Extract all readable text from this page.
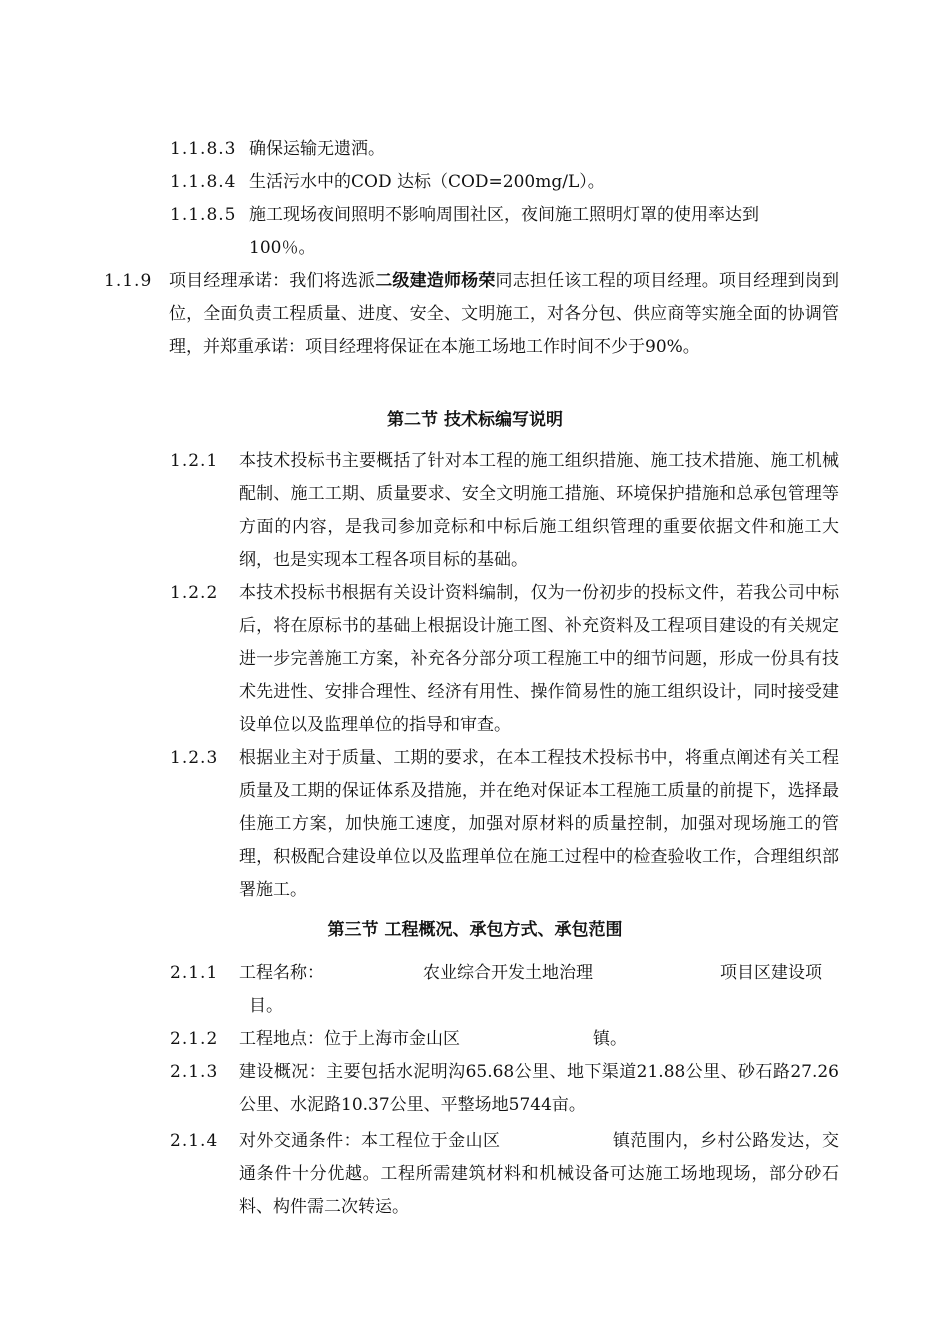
1.1.8.3 确保运输无遗洒。
1.1.8.4 生活污水中的COD 达标（COD=200mg/L）。
1.1.8.5 施工现场夜间照明不影响周围社区，夜间施工照明灯罩的使用率达到
100％。
1.1.9 项目经理承诺：我们将选派二级建造师杨荣同志担任该工程的项目经理。项目经理到岗到位，全面负责工程质量、进度、安全、文明施工，对各分包、供应商等实施全面的协调管理，并郑重承诺：项目经理将保证在本施工场地工作时间不少于90%。
第二节 技术标编写说明
1.2.1 本技术投标书主要概括了针对本工程的施工组织措施、施工技术措施、施工机械配制、施工工期、质量要求、安全文明施工措施、环境保护措施和总承包管理等方面的内容，是我司参加竞标和中标后施工组织管理的重要依据文件和施工大纲，也是实现本工程各项目标的基础。
1.2.2 本技术投标书根据有关设计资料编制，仅为一份初步的投标文件，若我公司中标后，将在原标书的基础上根据设计施工图、补充资料及工程项目建设的有关规定进一步完善施工方案，补充各分部分项工程施工中的细节问题，形成一份具有技术先进性、安排合理性、经济有用性、操作简易性的施工组织设计，同时接受建设单位以及监理单位的指导和审查。
1.2.3 根据业主对于质量、工期的要求，在本工程技术投标书中，将重点阐述有关工程质量及工期的保证体系及措施，并在绝对保证本工程施工质量的前提下，选择最佳施工方案，加快施工速度，加强对原材料的质量控制，加强对现场施工的管理，积极配合建设单位以及监理单位在施工过程中的检查验收工作，合理组织部署施工。
第三节 工程概况、承包方式、承包范围
2.1.1 工程名称：	农业综合开发土地治理	项目区建设项
目。
2.1.2 工程地点：位于上海市金山区	镇。
2.1.3 建设概况：主要包括水泥明沟65.68公里、地下渠道21.88公里、砂石路27.26公里、水泥路10.37公里、平整场地5744亩。
2.1.4 对外交通条件：本工程位于金山区	镇范围内，乡村公路发达，交通条件十分优越。工程所需建筑材料和机械设备可达施工场地现场，部分砂石料、构件需二次转运。
